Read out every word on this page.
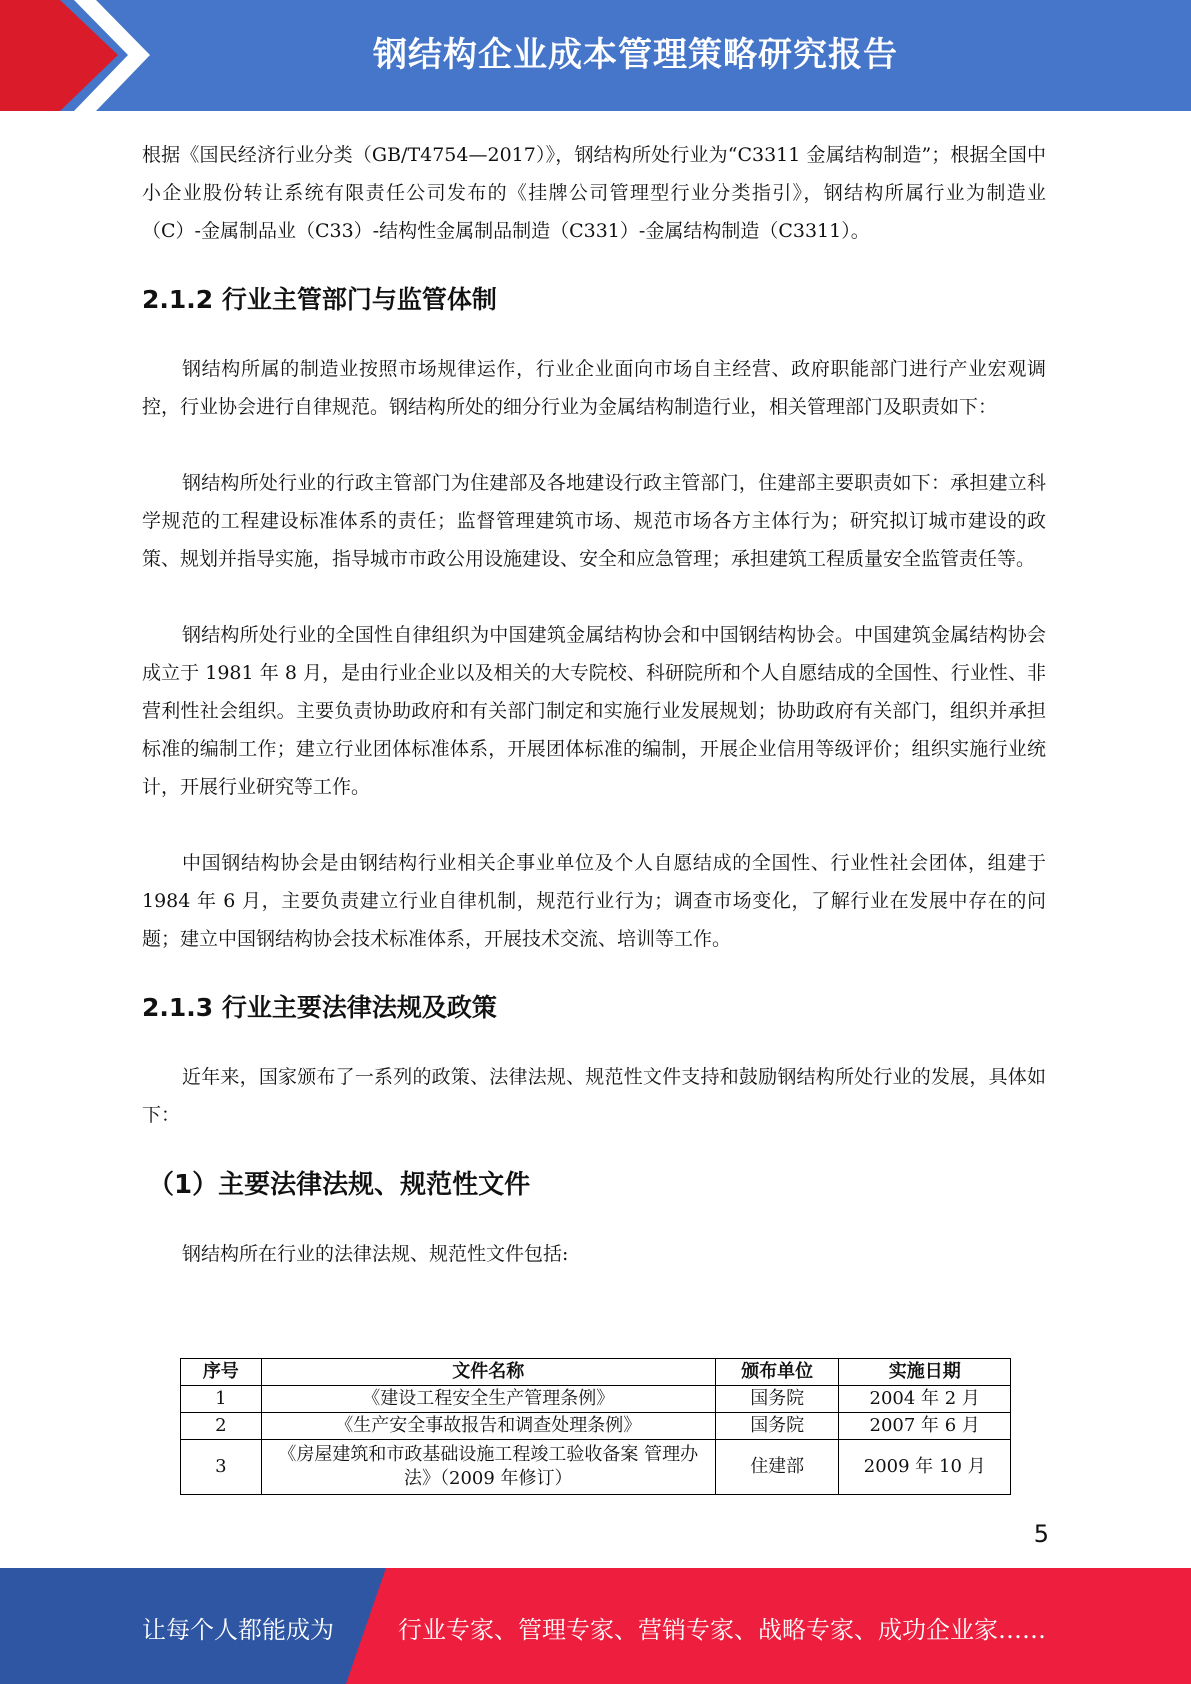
钢结构企业成本管理策略研究报告

根据《国民经济行业分类（GB/T4754—2017）》，钢结构所处行业为“C3311 金属结构制造”；根据全国中小企业股份转让系统有限责任公司发布的《挂牌公司管理型行业分类指引》，钢结构所属行业为制造业（C）-金属制品业（C33）-结构性金属制品制造（C331）-金属结构制造（C3311）。

2.1.2 行业主管部门与监管体制

钢结构所属的制造业按照市场规律运作，行业企业面向市场自主经营、政府职能部门进行产业宏观调控，行业协会进行自律规范。钢结构所处的细分行业为金属结构制造行业，相关管理部门及职责如下：

钢结构所处行业的行政主管部门为住建部及各地建设行政主管部门，住建部主要职责如下：承担建立科学规范的工程建设标准体系的责任；监督管理建筑市场、规范市场各方主体行为；研究拟订城市建设的政策、规划并指导实施，指导城市市政公用设施建设、安全和应急管理；承担建筑工程质量安全监管责任等。

钢结构所处行业的全国性自律组织为中国建筑金属结构协会和中国钢结构协会。中国建筑金属结构协会成立于 1981 年 8 月，是由行业企业以及相关的大专院校、科研院所和个人自愿结成的全国性、行业性、非营利性社会组织。主要负责协助政府和有关部门制定和实施行业发展规划；协助政府有关部门，组织并承担标准的编制工作；建立行业团体标准体系，开展团体标准的编制，开展企业信用等级评价；组织实施行业统计，开展行业研究等工作。

中国钢结构协会是由钢结构行业相关企事业单位及个人自愿结成的全国性、行业性社会团体，组建于 1984 年 6 月，主要负责建立行业自律机制，规范行业行为；调查市场变化，了解行业在发展中存在的问题；建立中国钢结构协会技术标准体系，开展技术交流、培训等工作。

2.1.3 行业主要法律法规及政策

近年来，国家颁布了一系列的政策、法律法规、规范性文件支持和鼓励钢结构所处行业的发展，具体如下：

（1）主要法律法规、规范性文件

钢结构所在行业的法律法规、规范性文件包括:

序号	文件名称	颁布单位	实施日期
1	《建设工程安全生产管理条例》	国务院	2004 年 2 月
2	《生产安全事故报告和调查处理条例》	国务院	2007 年 6 月
3	《房屋建筑和市政基础设施工程竣工验收备案 管理办法》（2009 年修订）	住建部	2009 年 10 月
5
让每个人都能成为	行业专家、管理专家、营销专家、战略专家、成功企业家……
